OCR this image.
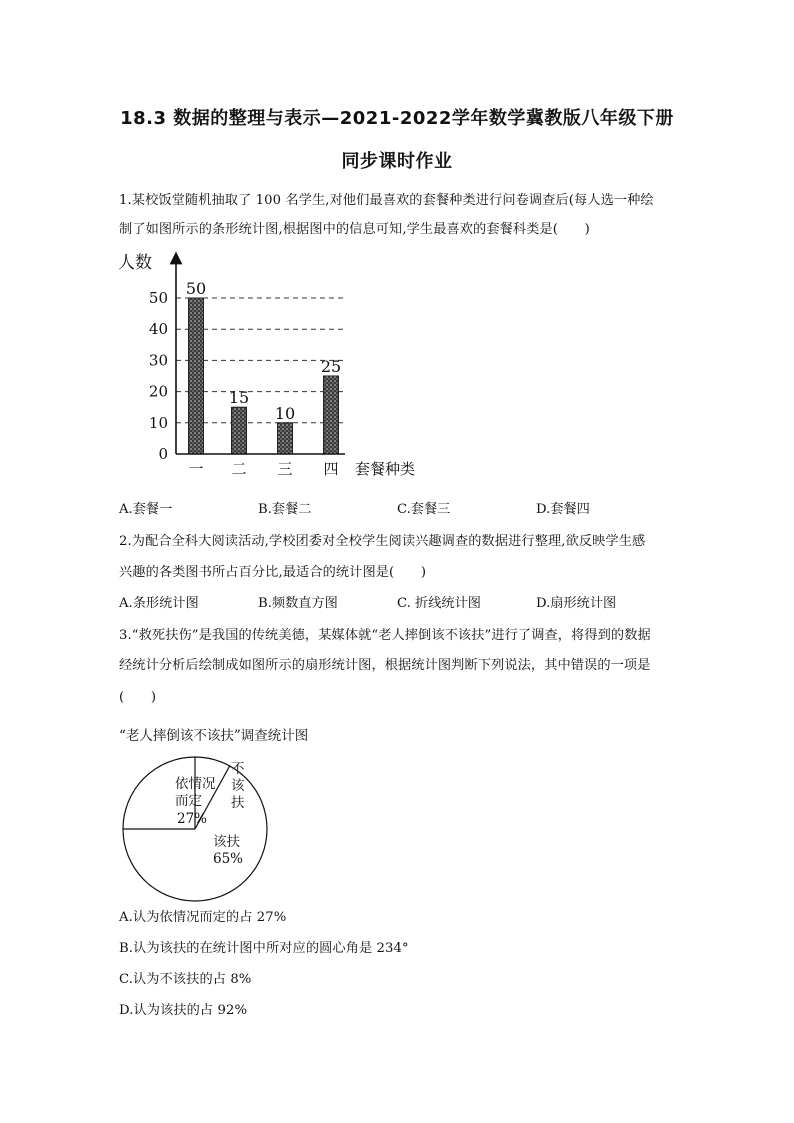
18.3 数据的整理与表示—2021-2022学年数学冀教版八年级下册
同步课时作业
1.某校饭堂随机抽取了 100 名学生,对他们最喜欢的套餐种类进行问卷调查后(每人选一种绘
制了如图所示的条形统计图,根据图中的信息可知,学生最喜欢的套餐科类是(　　)
人数
0
10
20
30
40
50 50
一
15
二
10
三
25
四 套餐种类
A.套餐一	B.套餐二	C.套餐三	D.套餐四
2.为配合全科大阅读活动,学校团委对全校学生阅读兴趣调查的数据进行整理,欲反映学生感
兴趣的各类图书所占百分比,最适合的统计图是(　　)
A.条形统计图	B.频数直方图	C. 折线统计图	D.扇形统计图
3.“救死扶伤”是我国的传统美德，某媒体就“老人摔倒该不该扶”进行了调查，将得到的数据
经统计分析后绘制成如图所示的扇形统计图，根据统计图判断下列说法，其中错误的一项是
(　　)
“老人摔倒该不该扶”调查统计图
依情况
而定
27%
不
该
扶
该扶
65%
A.认为依情况而定的占 27%
B.认为该扶的在统计图中所对应的圆心角是 234°
C.认为不该扶的占 8%
D.认为该扶的占 92%
